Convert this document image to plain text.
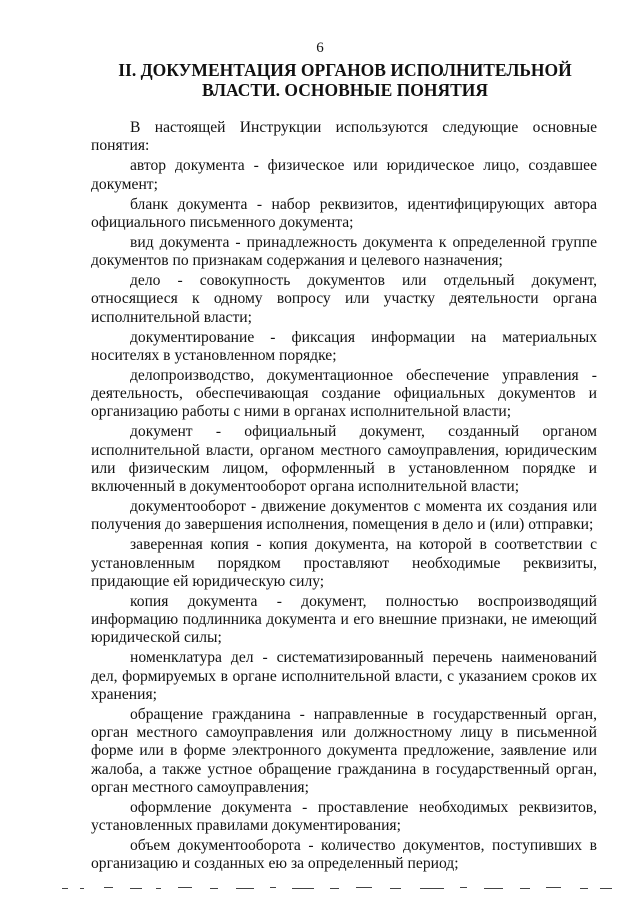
6
II. ДОКУМЕНТАЦИЯ ОРГАНОВ ИСПОЛНИТЕЛЬНОЙ
ВЛАСТИ. ОСНОВНЫЕ ПОНЯТИЯ

В настоящей Инструкции используются следующие основные понятия:

автор документа - физическое или юридическое лицо, создавшее документ;

бланк документа - набор реквизитов, идентифицирующих автора официального письменного документа;

вид документа - принадлежность документа к определенной группе документов по признакам содержания и целевого назначения;

дело - совокупность документов или отдельный документ, относящиеся к одному вопросу или участку деятельности органа исполнительной власти;

документирование - фиксация информации на материальных носителях в установленном порядке;

делопроизводство, документационное обеспечение управления - деятельность, обеспечивающая создание официальных документов и организацию работы с ними в органах исполнительной власти;

документ - официальный документ, созданный органом исполнительной власти, органом местного самоуправления, юридическим или физическим лицом, оформленный в установленном порядке и включенный в документооборот органа исполнительной власти;

документооборот - движение документов с момента их создания или получения до завершения исполнения, помещения в дело и (или) отправки;

заверенная копия - копия документа, на которой в соответствии с установленным порядком проставляют необходимые реквизиты, придающие ей юридическую силу;

копия документа - документ, полностью воспроизводящий информацию подлинника документа и его внешние признаки, не имеющий юридической силы;

номенклатура дел - систематизированный перечень наименований дел, формируемых в органе исполнительной власти, с указанием сроков их хранения;

обращение гражданина - направленные в государственный орган, орган местного самоуправления или должностному лицу в письменной форме или в форме электронного документа предложение, заявление или жалоба, а также устное обращение гражданина в государственный орган, орган местного самоуправления;

оформление документа - проставление необходимых реквизитов, установленных правилами документирования;

объем документооборота - количество документов, поступивших в организацию и созданных ею за определенный период;
